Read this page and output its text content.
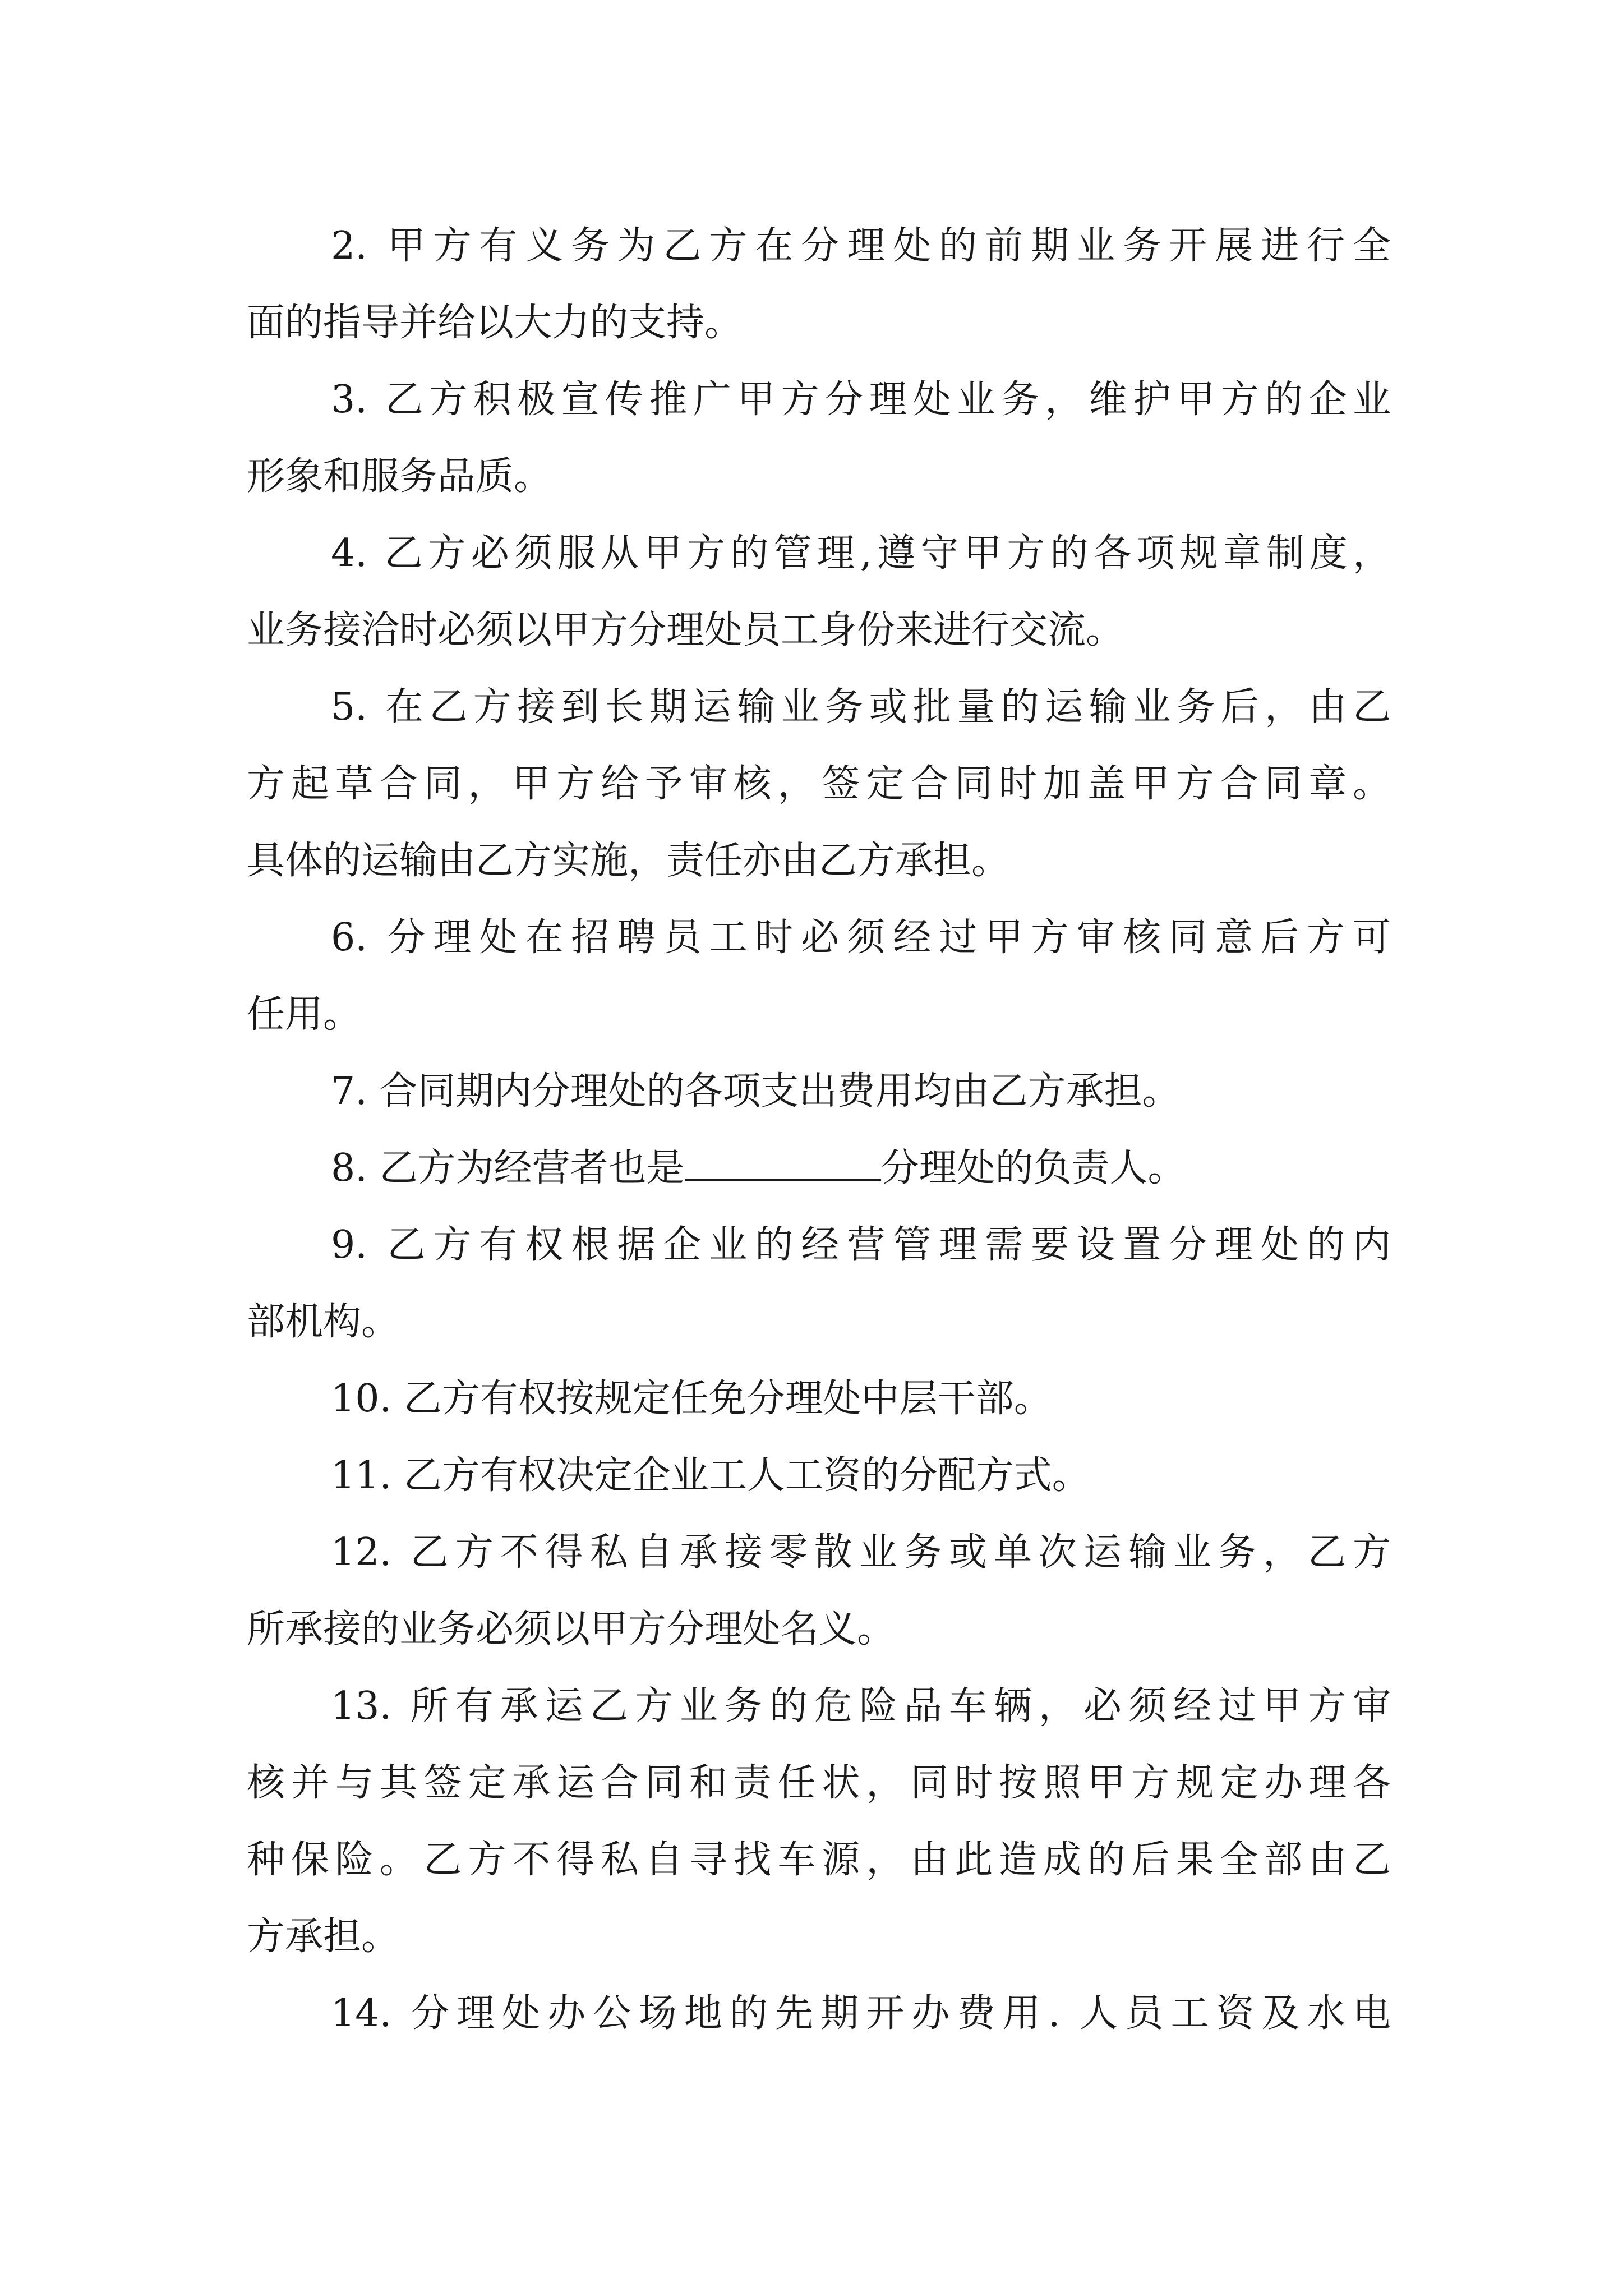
2. 甲方有义务为乙方在分理处的前期业务开展进行全
面的指导并给以大力的支持。
3. 乙方积极宣传推广甲方分理处业务，维护甲方的企业
形象和服务品质。
4. 乙方必须服从甲方的管理,遵守甲方的各项规章制度，
业务接洽时必须以甲方分理处员工身份来进行交流。
5. 在乙方接到长期运输业务或批量的运输业务后，由乙
方起草合同，甲方给予审核，签定合同时加盖甲方合同章。
具体的运输由乙方实施，责任亦由乙方承担。
6. 分理处在招聘员工时必须经过甲方审核同意后方可
任用。
7. 合同期内分理处的各项支出费用均由乙方承担。
8. 乙方为经营者也是	分理处的负责人。
9. 乙方有权根据企业的经营管理需要设置分理处的内
部机构。
10. 乙方有权按规定任免分理处中层干部。
11. 乙方有权决定企业工人工资的分配方式。
12. 乙方不得私自承接零散业务或单次运输业务，乙方
所承接的业务必须以甲方分理处名义。
13. 所有承运乙方业务的危险品车辆，必须经过甲方审
核并与其签定承运合同和责任状，同时按照甲方规定办理各
种保险。乙方不得私自寻找车源，由此造成的后果全部由乙
方承担。
14. 分理处办公场地的先期开办费用. 人员工资及水电
